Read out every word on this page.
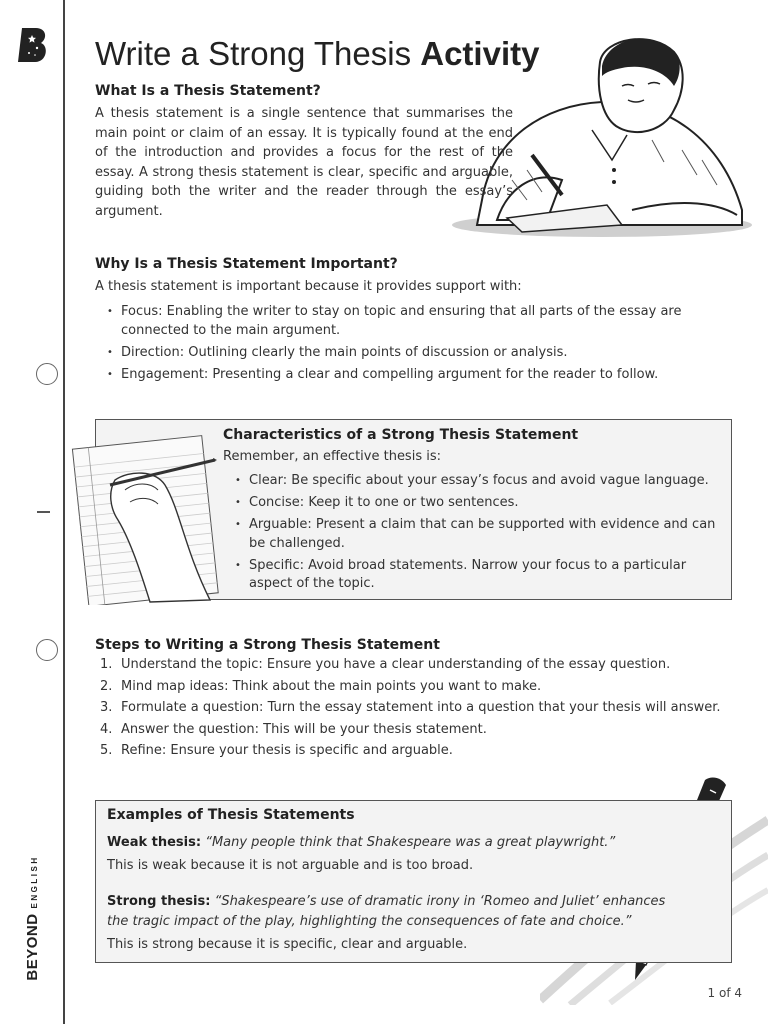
BEYONDENGLISH
Write a Strong Thesis Activity
What Is a Thesis Statement?

A thesis statement is a single sentence that summarises the main point or claim of an essay. It is typically found at the end of the introduction and provides a focus for the rest of the essay. A strong thesis statement is clear, specific and arguable, guiding both the writer and the reader through the essay’s argument.

Why Is a Thesis Statement Important?
A thesis statement is important because it provides support with:
• Focus: Enabling the writer to stay on topic and ensuring that all parts of the essay are connected to the main argument.
• Direction: Outlining clearly the main points of discussion or analysis.
• Engagement: Presenting a clear and compelling argument for the reader to follow.
Characteristics of a Strong Thesis Statement
Remember, an effective thesis is:
• Clear: Be specific about your essay’s focus and avoid vague language.
• Concise: Keep it to one or two sentences.
• Arguable: Present a claim that can be supported with evidence and can be challenged.
• Specific: Avoid broad statements. Narrow your focus to a particular aspect of the topic.
Steps to Writing a Strong Thesis Statement
1. Understand the topic: Ensure you have a clear understanding of the essay question.
2. Mind map ideas: Think about the main points you want to make.
3. Formulate a question: Turn the essay statement into a question that your thesis will answer.
4. Answer the question: This will be your thesis statement.
5. Refine: Ensure your thesis is specific and arguable.
Examples of Thesis Statements
Weak thesis: “Many people think that Shakespeare was a great playwright.”
This is weak because it is not arguable and is too broad.
Strong thesis: “Shakespeare’s use of dramatic irony in ‘Romeo and Juliet’ enhances
the tragic impact of the play, highlighting the consequences of fate and choice.”
This is strong because it is specific, clear and arguable.
1 of 4
